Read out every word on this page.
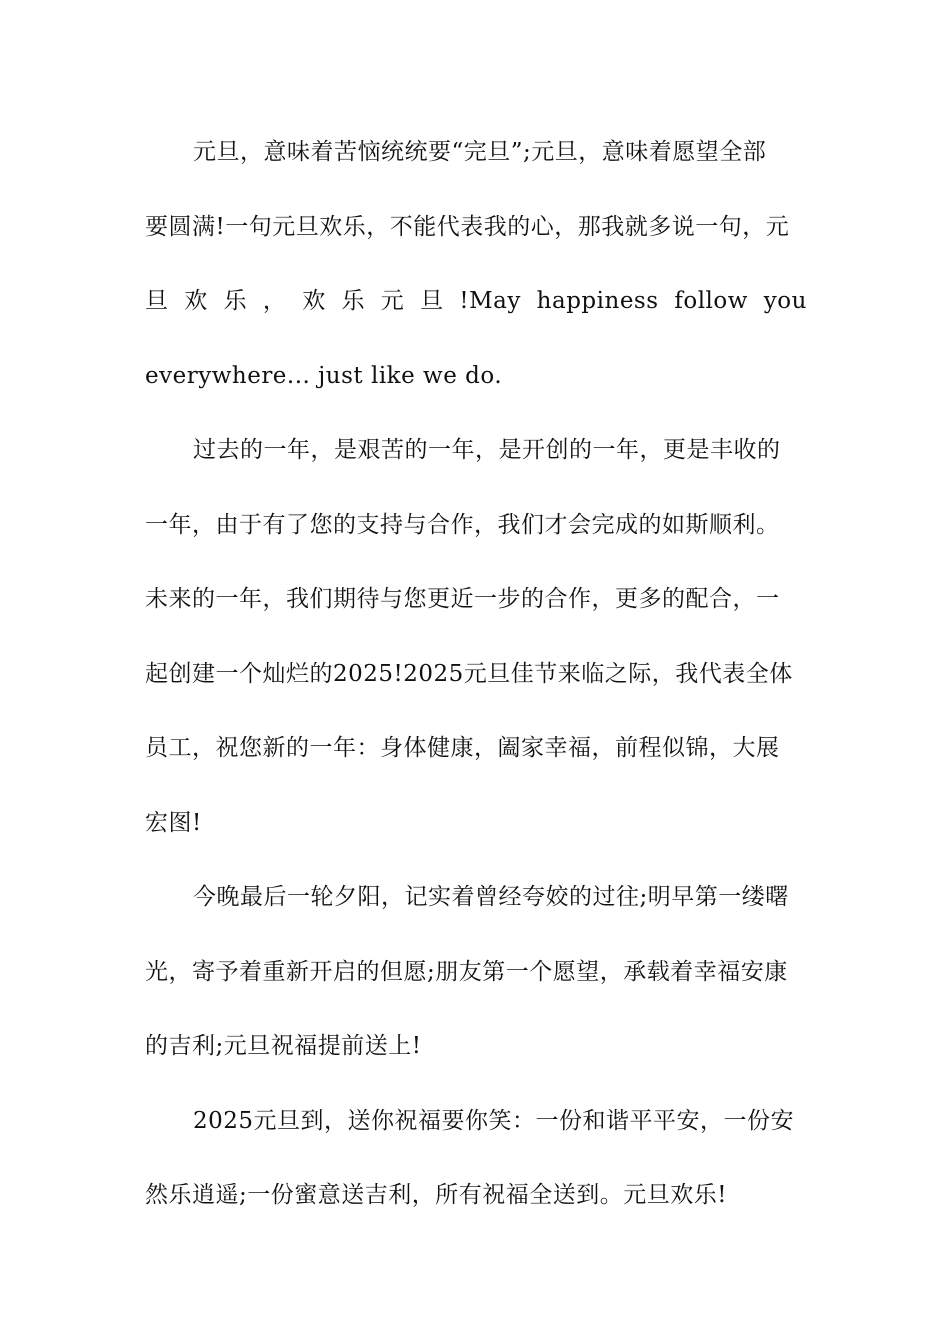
元旦，意味着苦恼统统要“完旦”;元旦，意味着愿望全部
要圆满!一句元旦欢乐，不能代表我的心，那我就多说一句，元
旦 欢 乐 ， 欢 乐 元 旦 !May happiness follow you
everywhere... just like we do.

过去的一年，是艰苦的一年，是开创的一年，更是丰收的
一年，由于有了您的支持与合作，我们才会完成的如斯顺利。
未来的一年，我们期待与您更近一步的合作，更多的配合，一
起创建一个灿烂的2025!2025元旦佳节来临之际，我代表全体
员工，祝您新的一年：身体健康，阖家幸福，前程似锦，大展
宏图!

今晚最后一轮夕阳，记实着曾经夸姣的过往;明早第一缕曙
光，寄予着重新开启的但愿;朋友第一个愿望，承载着幸福安康
的吉利;元旦祝福提前送上!

2025元旦到，送你祝福要你笑：一份和谐平平安，一份安
然乐逍遥;一份蜜意送吉利，所有祝福全送到。元旦欢乐!
